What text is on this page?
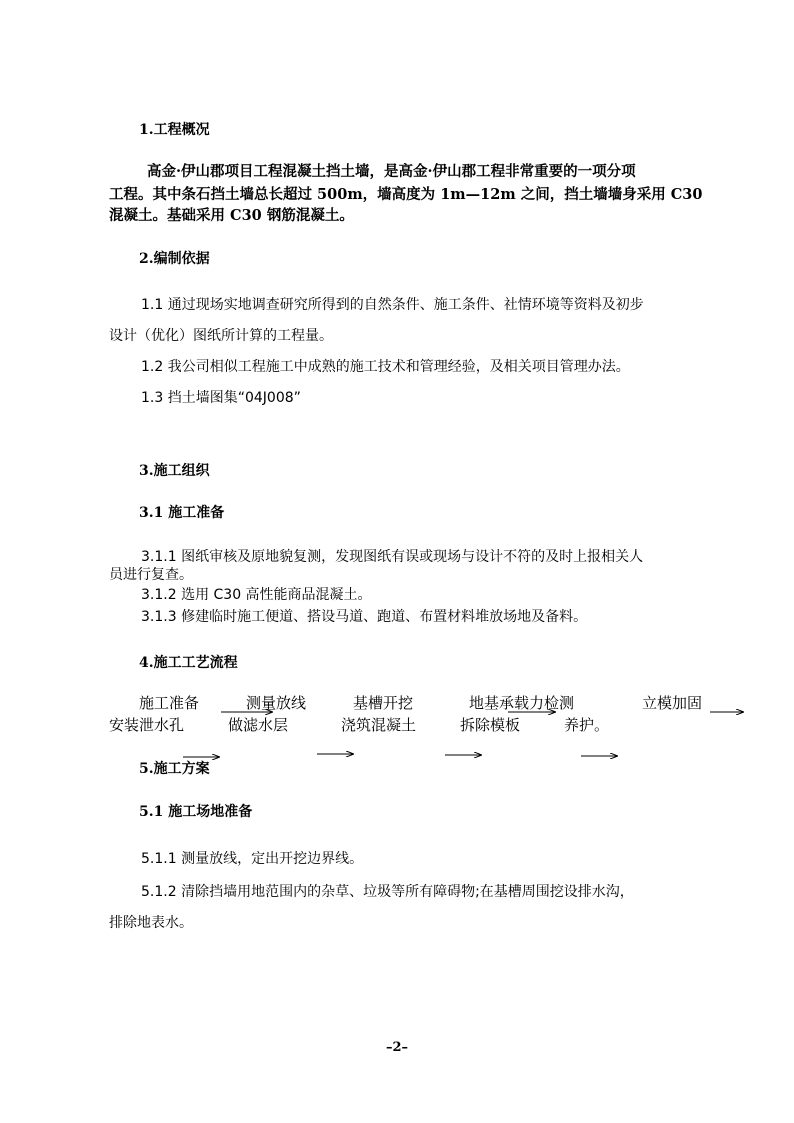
1.工程概况
高金·伊山郡项目工程混凝土挡土墙，是高金·伊山郡工程非常重要的一项分项
工程。其中条石挡土墙总长超过 500m，墙高度为 1m—12m 之间，挡土墙墙身采用 C30
混凝土。基础采用 C30 钢筋混凝土。
2.编制依据
1.1 通过现场实地调查研究所得到的自然条件、施工条件、社情环境等资料及初步
设计（优化）图纸所计算的工程量。
1.2 我公司相似工程施工中成熟的施工技术和管理经验，及相关项目管理办法。
1.3 挡土墙图集“04J008”
3.施工组织
3.1 施工准备
3.1.1 图纸审核及原地貌复测，发现图纸有误或现场与设计不符的及时上报相关人
员进行复查。
3.1.2 选用 C30 高性能商品混凝土。
3.1.3 修建临时施工便道、搭设马道、跑道、布置材料堆放场地及备料。
4.施工工艺流程
施工准备	测量放线	基槽开挖	地基承载力检测	立模加固
安装泄水孔	做滤水层	浇筑混凝土	拆除模板	养护。
5.施工方案
5.1 施工场地准备
5.1.1 测量放线，定出开挖边界线。
5.1.2 清除挡墙用地范围内的杂草、垃圾等所有障碍物;在基槽周围挖设排水沟，
排除地表水。
–2–
